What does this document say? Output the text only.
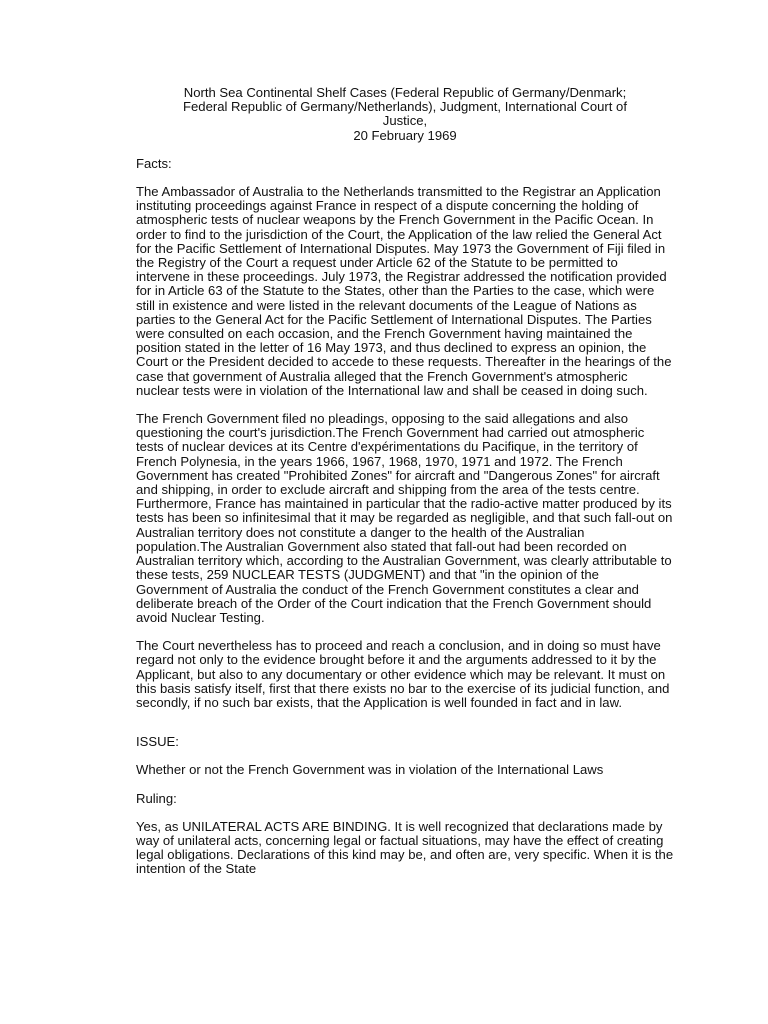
North Sea Continental Shelf Cases (Federal Republic of Germany/Denmark;
Federal Republic of Germany/Netherlands), Judgment, International Court of
Justice,
20 February 1969

Facts:

The Ambassador of Australia to the Netherlands transmitted to the Registrar an Application instituting proceedings against France in respect of a dispute concerning the holding of atmospheric tests of nuclear weapons by the French Government in the Pacific Ocean. In order to find to the jurisdiction of the Court, the Application of the law relied the General Act for the Pacific Settlement of International Disputes. May 1973 the Government of Fiji filed in the Registry of the Court a request under Article 62 of the Statute to be permitted to intervene in these proceedings. July 1973, the Registrar addressed the notification provided for in Article 63 of the Statute to the States, other than the Parties to the case, which were still in existence and were listed in the relevant documents of the League of Nations as parties to the General Act for the Pacific Settlement of International Disputes. The Parties were consulted on each occasion, and the French Government having maintained the position stated in the letter of 16 May 1973, and thus declined to express an opinion, the Court or the President decided to accede to these requests. Thereafter in the hearings of the case that government of Australia alleged that the French Government's atmospheric nuclear tests were in violation of the International law and shall be ceased in doing such.

The French Government filed no pleadings, opposing to the said allegations and also questioning the court's jurisdiction.The French Government had carried out atmospheric tests of nuclear devices at its Centre d'expérimentations du Pacifique, in the territory of French Polynesia, in the years 1966, 1967, 1968, 1970, 1971 and 1972. The French Government has created "Prohibited Zones" for aircraft and "Dangerous Zones" for aircraft and shipping, in order to exclude aircraft and shipping from the area of the tests centre. Furthermore, France has maintained in particular that the radio-active matter produced by its tests has been so infinitesimal that it may be regarded as negligible, and that such fall-out on Australian territory does not constitute a danger to the health of the Australian population.The Australian Government also stated that fall-out had been recorded on Australian territory which, according to the Australian Government, was clearly attributable to these tests, 259 NUCLEAR TESTS (JUDGMENT) and that "in the opinion of the Government of Australia the conduct of the French Government constitutes a clear and deliberate breach of the Order of the Court indication that the French Government should avoid Nuclear Testing.

The Court nevertheless has to proceed and reach a conclusion, and in doing so must have regard not only to the evidence brought before it and the arguments addressed to it by the Applicant, but also to any documentary or other evidence which may be relevant. It must on this basis satisfy itself, first that there exists no bar to the exercise of its judicial function, and secondly, if no such bar exists, that the Application is well founded in fact and in law.

ISSUE:

Whether or not the French Government was in violation of the International Laws

Ruling:

Yes, as UNILATERAL ACTS ARE BINDING. It is well recognized that declarations made by way of unilateral acts, concerning legal or factual situations, may have the effect of creating legal obligations. Declarations of this kind may be, and often are, very specific. When it is the intention of the State
